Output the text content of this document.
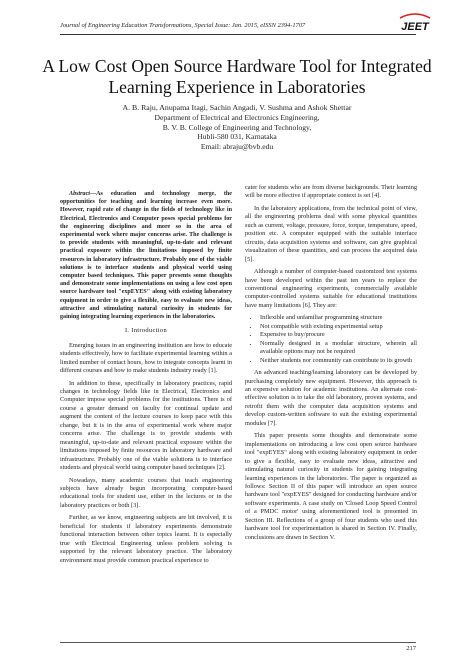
Journal of Engineering Education Transformations, Special Issue: Jan. 2015, eISSN 2394-1707	JEET
A Low Cost Open Source Hardware Tool for Integrated Learning Experience in Laboratories
A. B. Raju, Anupama Itagi, Sachin Angadi, V. Sushma and Ashok Shettar
Department of Electrical and Electronics Engineering,
B. V. B. College of Engineering and Technology,
Hubli-580 031, Karnataka
Email: abraju@bvb.edu

Abstract—As education and technology merge, the opportunities for teaching and learning increase even more. However, rapid rate of change in the fields of technology like in Electrical, Electronics and Computer poses special problems for the engineering disciplines and more so in the area of experimental work where major concerns arise. The challenge is to provide students with meaningful, up-to-date and relevant practical exposure within the limitations imposed by finite resources in laboratory infrastructure. Probably one of the viable solutions is to interface students and physical world using computer based techniques. This paper presents some thoughts and demonstrate some implementations on using a low cost open source hardware tool "expEYES" along with existing laboratory equipment in order to give a flexible, easy to evaluate new ideas, attractive and stimulating natural curiosity in students for gaining integrating learning experiences in the laboratories.

I. Introduction

Emerging issues in an engineering institution are how to educate students effectively, how to facilitate experimental learning within a limited number of contact hours, how to integrate concepts learnt in different courses and how to make students industry ready [1].

In addition to these, specifically in laboratory practices, rapid changes in technology fields like in Electrical, Electronics and Computer impose special problems for the institutions. There is of course a greater demand on faculty for continual update and augment the content of the lecture courses to keep pace with this change, but it is in the area of experimental work where major concerns arise. The challenge is to provide students with meaningful, up-to-date and relevant practical exposure within the limitations imposed by finite resources in laboratory hardware and infrastructure. Probably one of the viable solutions is to interface students and physical world using computer based techniques [2].

Nowadays, many academic courses that teach engineering subjects have already begun incorporating computer-based educational tools for student use, either in the lectures or in the laboratory practices or both [3].

Further, as we know, engineering subjects are bit involved, it is beneficial for students if laboratory experiments demonstrate functional interaction between other topics learnt. It is especially true with Electrical Engineering unless problem solving is supported by the relevant laboratory practice. The laboratory environment must provide common practical experience to

cater for students who are from diverse backgrounds. Their learning will be more effective if appropriate context is set [4].

In the laboratory applications, from the technical point of view, all the engineering problems deal with some physical quantities such as current, voltage, pressure, force, torque, temperature, speed, position etc. A computer equipped with the suitable interface circuits, data acquisition systems and software, can give graphical visualization of these quantities, and can process the acquired data [5].

Although a number of computer-based customized test systems have been developed within the past ten years to replace the conventional engineering experiments, commercially available computer-controlled systems suitable for educational institutions have many limitations [6]. They are:

• Inflexible and unfamiliar programming structure
• Not compatible with existing experimental setup
• Expensive to buy/procure
• Normally designed in a modular structure, wherein all available options may not be required
• Neither students nor community can contribute to its growth

An advanced teaching/learning laboratory can be developed by purchasing completely new equipment. However, this approach is an expensive solution for academic institutions. An alternate cost-effective solution is to take the old laboratory, proven systems, and retrofit them with the computer data acquisition systems and develop custom-written software to suit the existing experimental modules [7].

This paper presents some thoughts and demonstrate some implementations on introducing a low cost open source hardware tool "expEYES" along with existing laboratory equipment in order to give a flexible, easy to evaluate new ideas, attractive and stimulating natural curiosity in students for gaining integrating learning experiences in the laboratories. The paper is organized as follows: Section II of this paper will introduce an open source hardware tool "expEYES" designed for conducting hardware and/or software experiments. A case study on 'Closed Loop Speed Control of a PMDC motor' using aforementioned tool is presented in Section III. Reflections of a group of four students who used this hardware tool for experimentation is shared in Section IV. Finally, conclusions are drawn in Section V.

217
